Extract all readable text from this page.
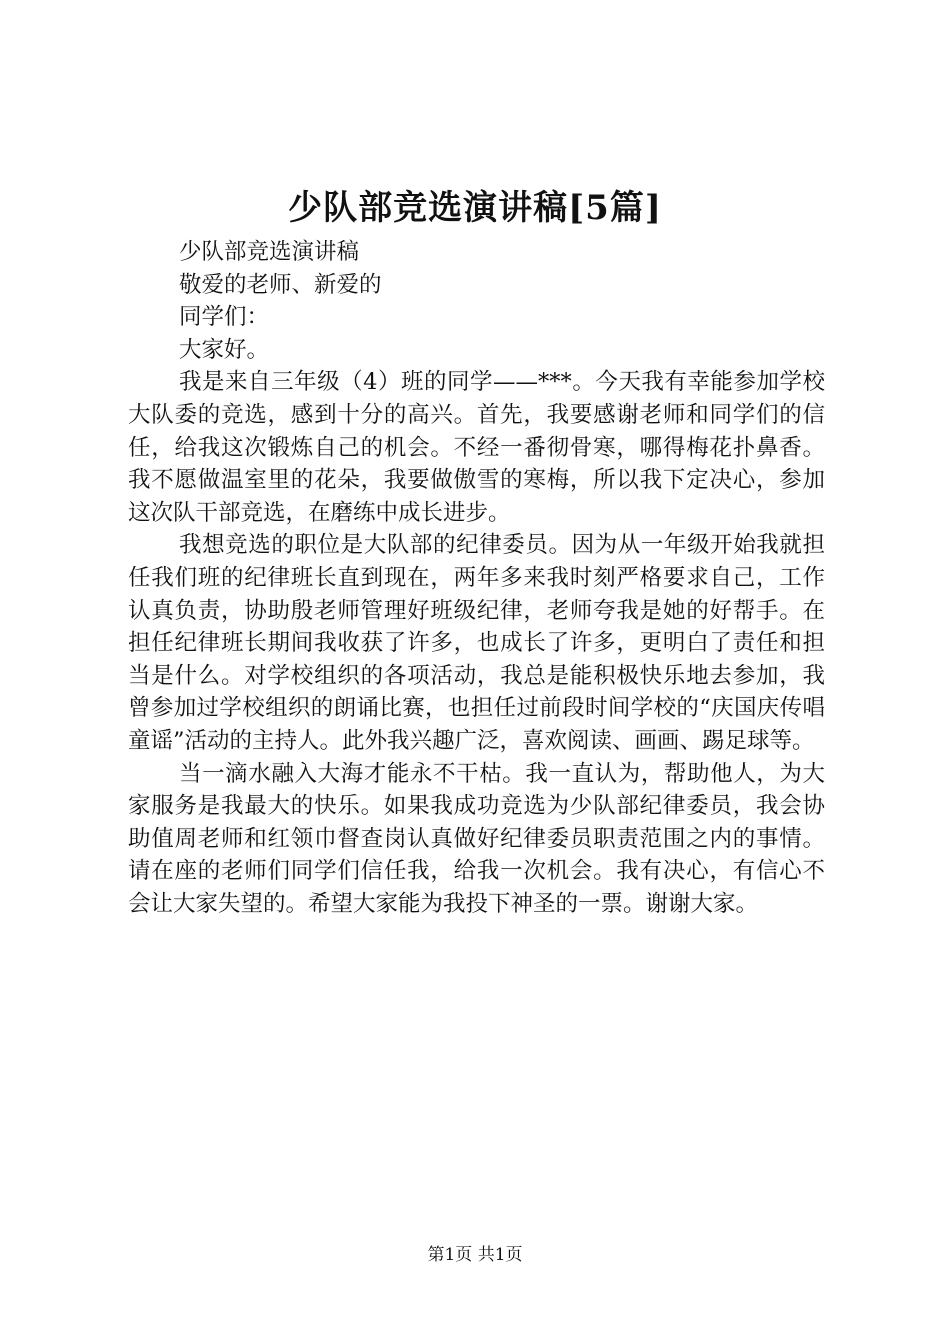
少队部竞选演讲稿[5篇]

少队部竞选演讲稿

敬爱的老师、新爱的

同学们：

大家好。

我是来自三年级（4）班的同学——***。今天我有幸能参加学校大队委的竞选，感到十分的高兴。首先，我要感谢老师和同学们的信任，给我这次锻炼自己的机会。不经一番彻骨寒，哪得梅花扑鼻香。我不愿做温室里的花朵，我要做傲雪的寒梅，所以我下定决心，参加这次队干部竞选，在磨练中成长进步。

我想竞选的职位是大队部的纪律委员。因为从一年级开始我就担任我们班的纪律班长直到现在，两年多来我时刻严格要求自己，工作认真负责，协助殷老师管理好班级纪律，老师夸我是她的好帮手。在担任纪律班长期间我收获了许多，也成长了许多，更明白了责任和担当是什么。对学校组织的各项活动，我总是能积极快乐地去参加，我曾参加过学校组织的朗诵比赛，也担任过前段时间学校的“庆国庆传唱童谣”活动的主持人。此外我兴趣广泛，喜欢阅读、画画、踢足球等。

当一滴水融入大海才能永不干枯。我一直认为，帮助他人，为大家服务是我最大的快乐。如果我成功竞选为少队部纪律委员，我会协助值周老师和红领巾督查岗认真做好纪律委员职责范围之内的事情。请在座的老师们同学们信任我，给我一次机会。我有决心，有信心不会让大家失望的。希望大家能为我投下神圣的一票。谢谢大家。

第1页 共1页
